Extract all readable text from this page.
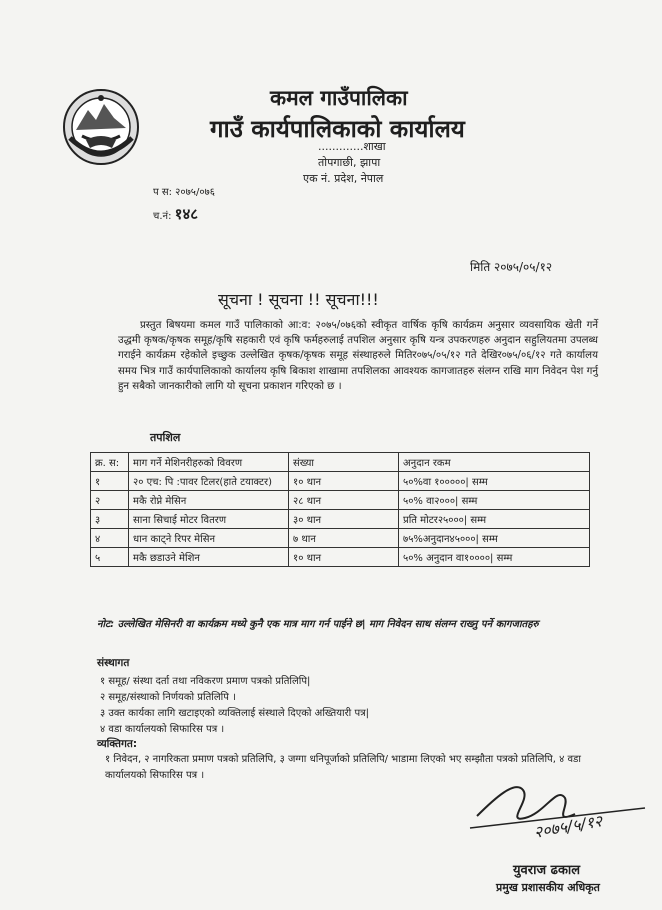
कमल गाउँपालिका
गाउँ कार्यपालिकाको कार्यालय
.............शाखा
तोपगाछी, झापा
एक नं. प्रदेश, नेपाल
प स: २०७५/०७६
च.नं: १४८
मिति २०७५/०५/१२
सूचना ! सूचना !! सूचना!!!
प्रस्तुत बिषयमा कमल गाउँ पालिकाको आ:व: २०७५/०७६को स्वीकृत वार्षिक कृषि कार्यक्रम अनुसार व्यवसायिक खेती गर्ने उद्धमी कृषक/कृषक समूह/कृषि सहकारी एवं कृषि फर्महरुलाई तपशिल अनुसार कृषि यन्त्र उपकरणहरु अनुदान सहुलियतमा उपलब्ध गराईने कार्यक्रम रहेकोले इच्छुक उल्लेखित कृषक/कृषक समूह संस्थाहरुले मितिर०७५/०५/१२ गते देखिर०७५/०६/१२ गते कार्यालय समय भित्र गाउँ कार्यपालिकाको कार्यालय कृषि बिकाश शाखामा तपशिलका आवश्यक कागजातहरु संलग्न राखि माग निवेदन पेश गर्नु हुन सबैको जानकारीको लागि यो सूचना प्रकाशन गरिएको छ ।
तपशिल
क्र. स:	माग गर्ने मेशिनरीहरुको विवरण	संख्या	अनुदान रकम
१	२० एच: पि :पावर टिलर(हाते टयाक्टर)	१० थान	५०%वा १०००००| सम्म
२	मकै रोप्ने मेसिन	२८ थान	५०% वा२०००| सम्म
३	साना सिचाई मोटर वितरण	३० थान	प्रति मोटर२५०००| सम्म
४	धान काट्ने रिपर मेसिन	७ थान	७५%अनुदान४५०००| सम्म
५	मकै छडाउने मेशिन	१० थान	५०% अनुदान वा१००००| सम्म
नोट: उल्लेखित मेसिनरी वा कार्यक्रम मध्ये कुनै एक मात्र माग गर्न पाईने छ| माग निवेदन साथ संलग्न राख्नु पर्ने कागजातहरु
संस्थागत
१ समूह/ संस्था दर्ता तथा नविकरण प्रमाण पत्रको प्रतिलिपि|
२ समूह/संस्थाको निर्णयको प्रतिलिपि ।
३ उक्त कार्यका लागि खटाइएको व्यक्तिलाई संस्थाले दिएको अख्तियारी पत्र|
४ वडा कार्यालयको सिफारिस पत्र ।
व्यक्तिगत:
१ निवेदन, २ नागरिकता प्रमाण पत्रको प्रतिलिपि, ३ जग्गा धनिपूर्जाको प्रतिलिपि/ भाडामा लिएको भए सम्झौता पत्रको प्रतिलिपि, ४ वडा कार्यालयको सिफारिस पत्र ।
२०७५/५/१२
युवराज ढकाल
प्रमुख प्रशासकीय अधिकृत
